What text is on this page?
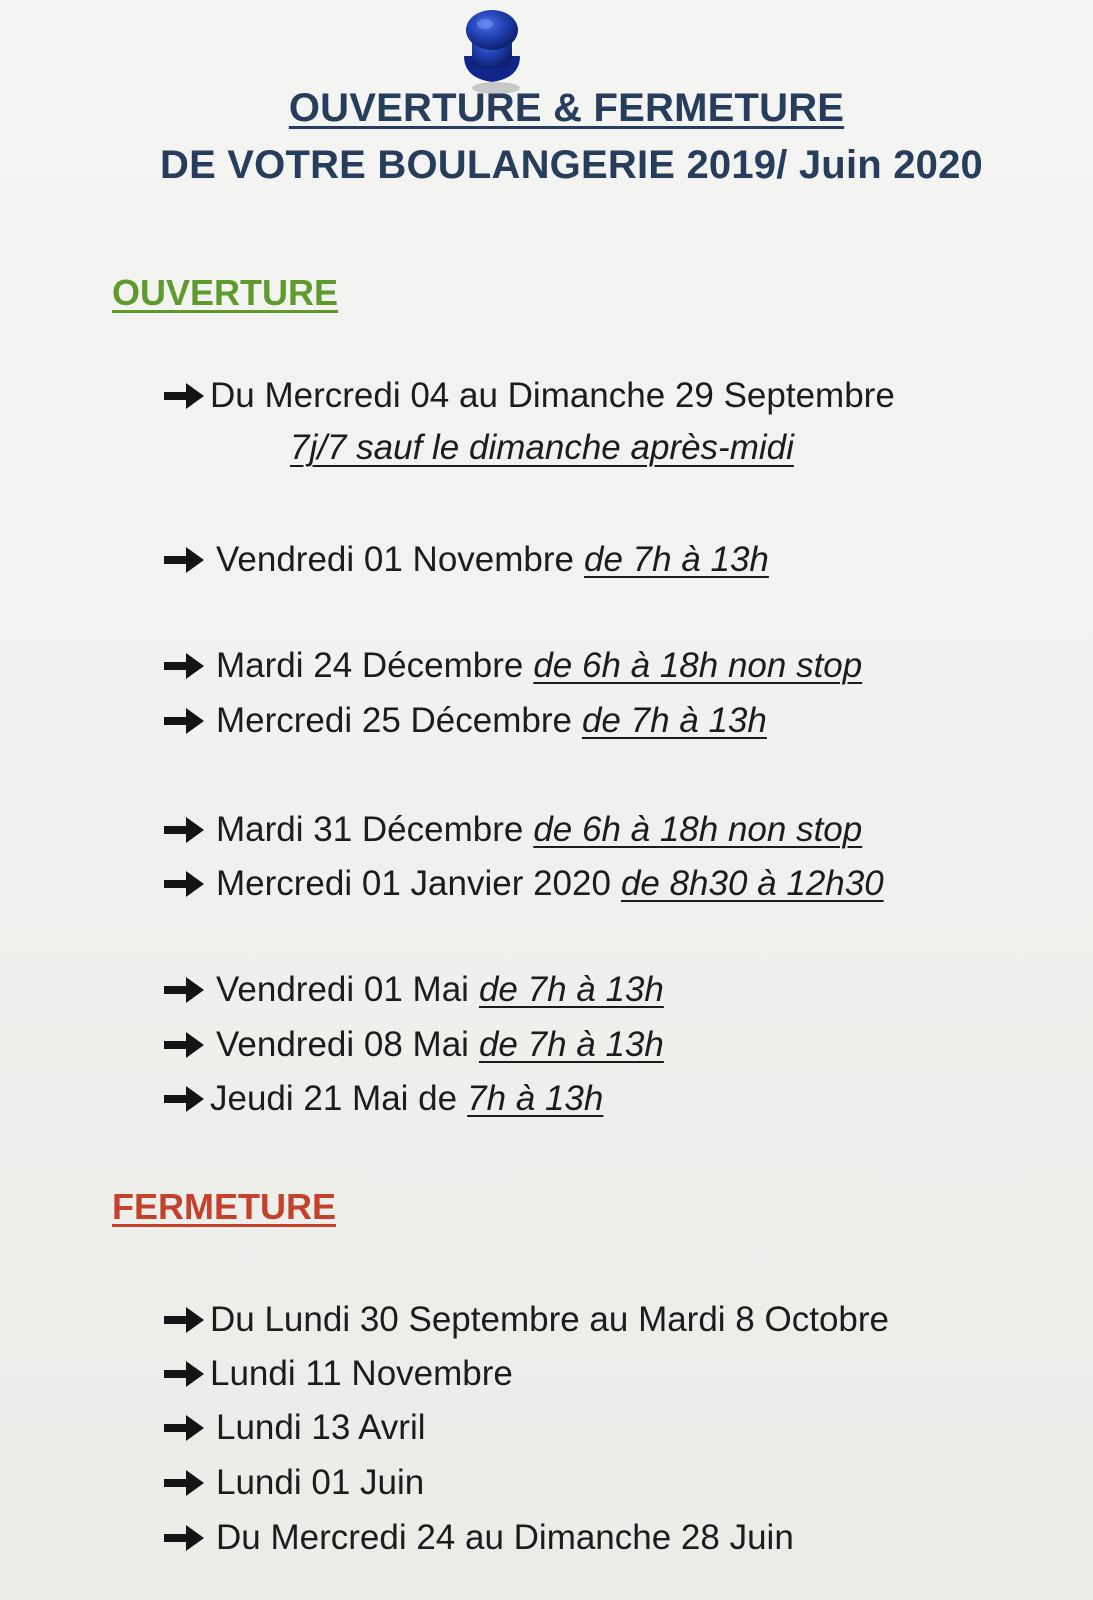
OUVERTURE & FERMETURE
DE VOTRE BOULANGERIE 2019/ Juin 2020
OUVERTURE
Du Mercredi 04 au Dimanche 29 Septembre
7j/7 sauf le dimanche après-midi
Vendredi 01 Novembre de 7h à 13h
Mardi 24 Décembre de 6h à 18h non stop
Mercredi 25 Décembre de 7h à 13h
Mardi 31 Décembre de 6h à 18h non stop
Mercredi 01 Janvier 2020 de 8h30 à 12h30
Vendredi 01 Mai de 7h à 13h
Vendredi 08 Mai de 7h à 13h
Jeudi 21 Mai de 7h à 13h
FERMETURE
Du Lundi 30 Septembre au Mardi 8 Octobre
Lundi 11 Novembre
Lundi 13 Avril
Lundi 01 Juin
Du Mercredi 24 au Dimanche 28 Juin
